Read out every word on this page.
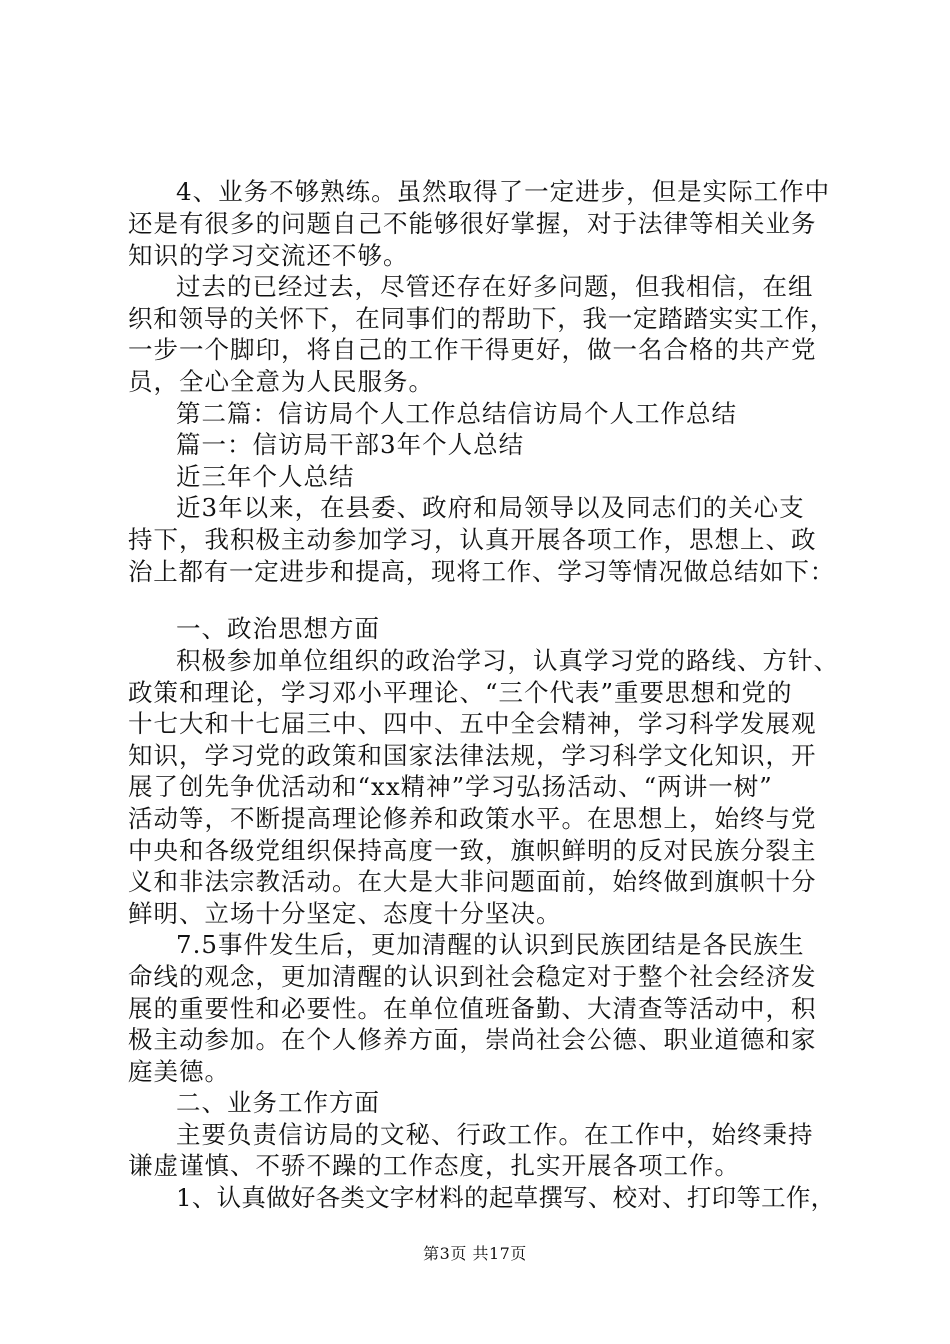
4、业务不够熟练。虽然取得了一定进步，但是实际工作中
还是有很多的问题自己不能够很好掌握，对于法律等相关业务
知识的学习交流还不够。
过去的已经过去，尽管还存在好多问题，但我相信，在组
织和领导的关怀下，在同事们的帮助下，我一定踏踏实实工作，
一步一个脚印，将自己的工作干得更好，做一名合格的共产党
员，全心全意为人民服务。
第二篇：信访局个人工作总结信访局个人工作总结
篇一：信访局干部3年个人总结
近三年个人总结
近3年以来，在县委、政府和局领导以及同志们的关心支
持下，我积极主动参加学习，认真开展各项工作，思想上、政
治上都有一定进步和提高，现将工作、学习等情况做总结如下：
一、政治思想方面
积极参加单位组织的政治学习，认真学习党的路线、方针、
政策和理论，学习邓小平理论、“三个代表”重要思想和党的
十七大和十七届三中、四中、五中全会精神，学习科学发展观
知识，学习党的政策和国家法律法规，学习科学文化知识，开
展了创先争优活动和“xx精神”学习弘扬活动、“两讲一树”
活动等，不断提高理论修养和政策水平。在思想上，始终与党
中央和各级党组织保持高度一致，旗帜鲜明的反对民族分裂主
义和非法宗教活动。在大是大非问题面前，始终做到旗帜十分
鲜明、立场十分坚定、态度十分坚决。
7.5事件发生后，更加清醒的认识到民族团结是各民族生
命线的观念，更加清醒的认识到社会稳定对于整个社会经济发
展的重要性和必要性。在单位值班备勤、大清查等活动中，积
极主动参加。在个人修养方面，崇尚社会公德、职业道德和家
庭美德。
二、业务工作方面
主要负责信访局的文秘、行政工作。在工作中，始终秉持
谦虚谨慎、不骄不躁的工作态度，扎实开展各项工作。
1、认真做好各类文字材料的起草撰写、校对、打印等工作，
第3页 共17页
